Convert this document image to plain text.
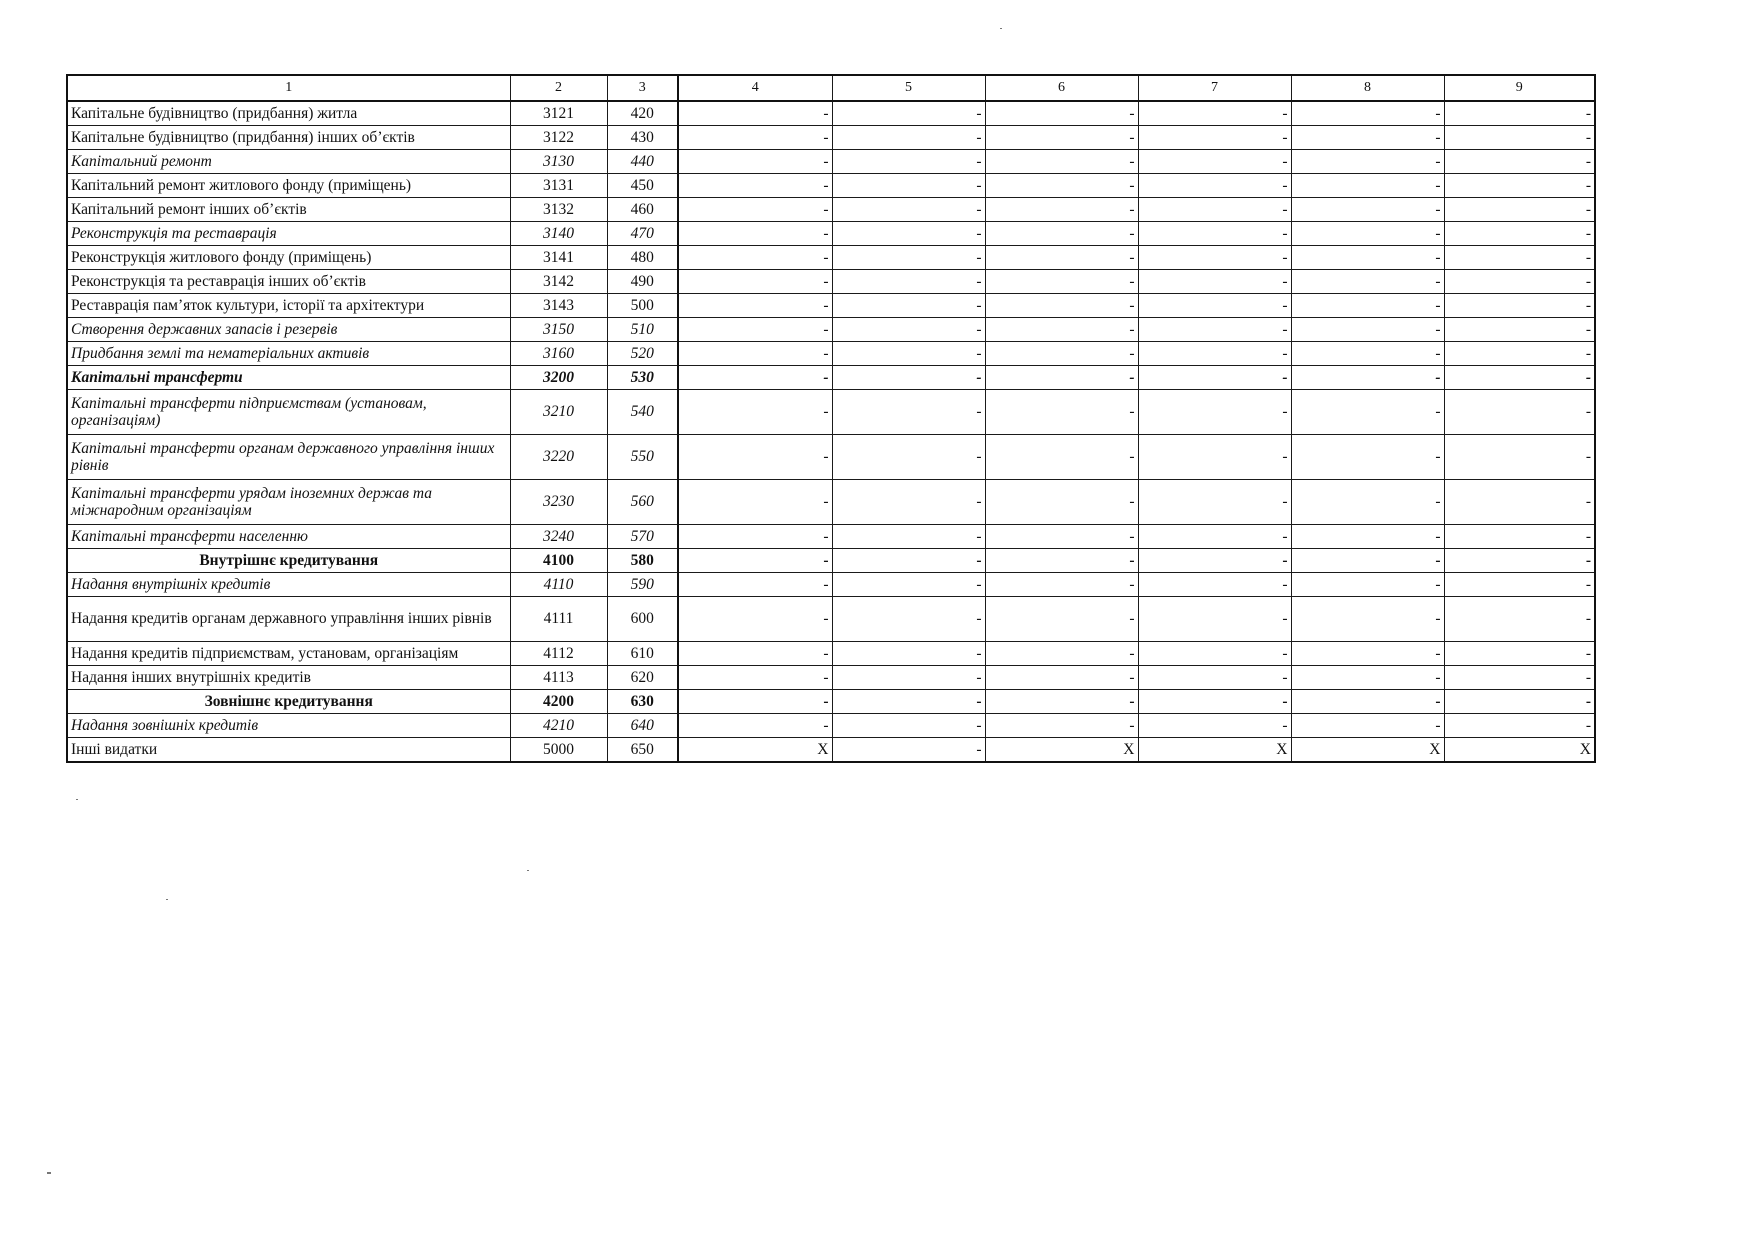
1	2	3	4	5	6	7	8	9
Капітальне будівництво (придбання) житла	3121	420	-	-	-	-	-	-
Капітальне будівництво (придбання) інших об’єктів	3122	430	-	-	-	-	-	-
Капітальний ремонт	3130	440	-	-	-	-	-	-
Капітальний ремонт житлового фонду (приміщень)	3131	450	-	-	-	-	-	-
Капітальний ремонт інших об’єктів	3132	460	-	-	-	-	-	-
Реконструкція та реставрація	3140	470	-	-	-	-	-	-
Реконструкція житлового фонду (приміщень)	3141	480	-	-	-	-	-	-
Реконструкція та реставрація інших об’єктів	3142	490	-	-	-	-	-	-
Реставрація пам’яток культури, історії та архітектури	3143	500	-	-	-	-	-	-
Створення державних запасів і резервів	3150	510	-	-	-	-	-	-
Придбання землі та нематеріальних активів	3160	520	-	-	-	-	-	-
Капітальні трансферти	3200	530	-	-	-	-	-	-
Капітальні трансферти підприємствам (установам, організаціям)	3210	540	-	-	-	-	-	-
Капітальні трансферти органам державного управління інших рівнів	3220	550	-	-	-	-	-	-
Капітальні трансферти урядам іноземних держав та міжнародним організаціям	3230	560	-	-	-	-	-	-
Капітальні трансферти населенню	3240	570	-	-	-	-	-	-
Внутрішнє кредитування	4100	580	-	-	-	-	-	-
Надання внутрішніх кредитів	4110	590	-	-	-	-	-	-
Надання кредитів органам державного управління інших рівнів	4111	600	-	-	-	-	-	-
Надання кредитів підприємствам, установам, організаціям	4112	610	-	-	-	-	-	-
Надання інших внутрішніх кредитів	4113	620	-	-	-	-	-	-
Зовнішнє кредитування	4200	630	-	-	-	-	-	-
Надання зовнішніх кредитів	4210	640	-	-	-	-	-	-
Інші видатки	5000	650	X	-	X	X	X	X
